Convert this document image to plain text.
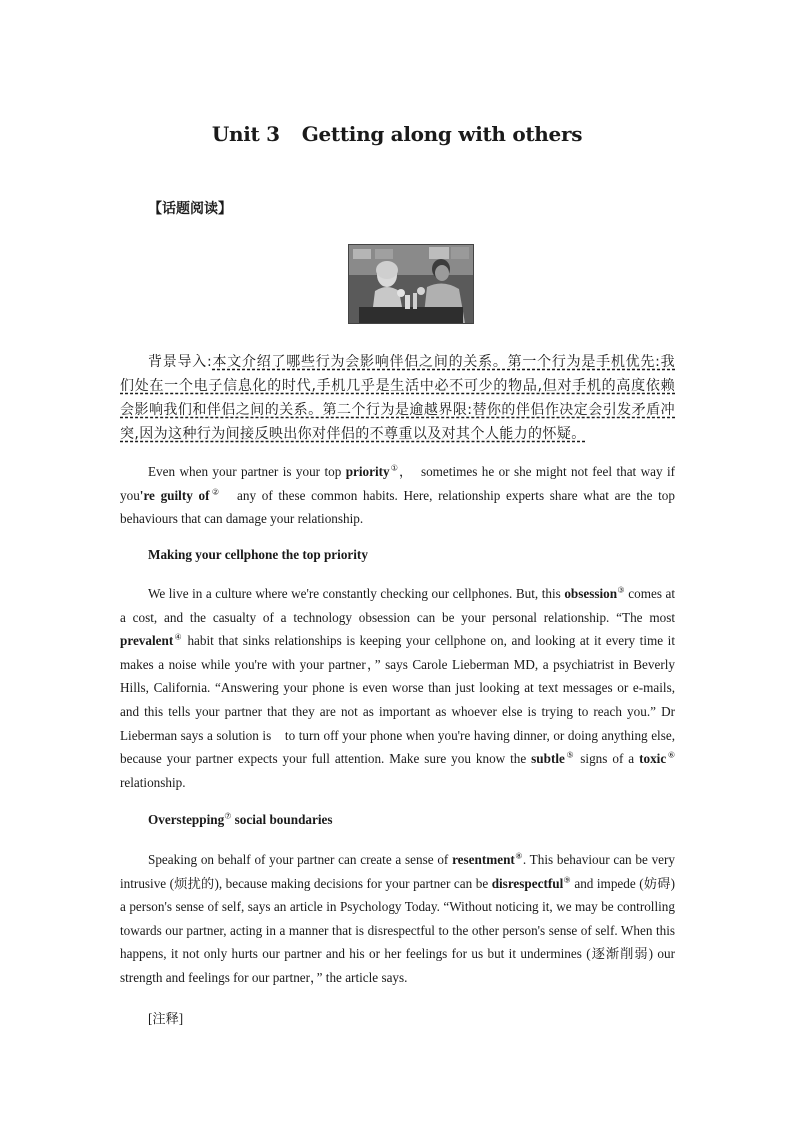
Unit 3 Getting along with others
【话题阅读】

背景导入:本文介绍了哪些行为会影响伴侣之间的关系。第一个行为是手机优先:我们处在一个电子信息化的时代,手机几乎是生活中必不可少的物品,但对手机的高度依赖会影响我们和伴侣之间的关系。第二个行为是逾越界限:替你的伴侣作决定会引发矛盾冲突,因为这种行为间接反映出你对伴侣的不尊重以及对其个人能力的怀疑。

Even when your partner is your top priority①，　sometimes he or she might not feel that way if you're guilty of②　any of these common habits. Here, relationship experts share what are the top behaviours that can damage your relationship.

Making your cellphone the top priority

We live in a culture where we're constantly checking our cellphones. But, this obsession③ comes at a cost, and the casualty of a technology obsession can be your personal relationship. “The most prevalent④ habit that sinks relationships is keeping your cellphone on, and looking at it every time it makes a noise while you're with your partner，” says Carole Lieberman MD, a psychiatrist in Beverly Hills, California. “Answering your phone is even worse than just looking at text messages or e-mails, and this tells your partner that they are not as important as whoever else is trying to reach you.” Dr Lieberman says a solution is　to turn off your phone when you're having dinner, or doing anything else, because your partner expects your full attention. Make sure you know the subtle⑤ signs of a toxic⑥ relationship.

Overstepping⑦ social boundaries

Speaking on behalf of your partner can create a sense of resentment⑧. This behaviour can be very intrusive (烦扰的), because making decisions for your partner can be disrespectful⑨ and impede (妨碍) a person's sense of self, says an article in Psychology Today. “Without noticing it, we may be controlling towards our partner, acting in a manner that is disrespectful to the other person's sense of self. When this happens, it not only hurts our partner and his or her feelings for us but it undermines (逐渐削弱) our strength and feelings for our partner，” the article says.

[注释]
